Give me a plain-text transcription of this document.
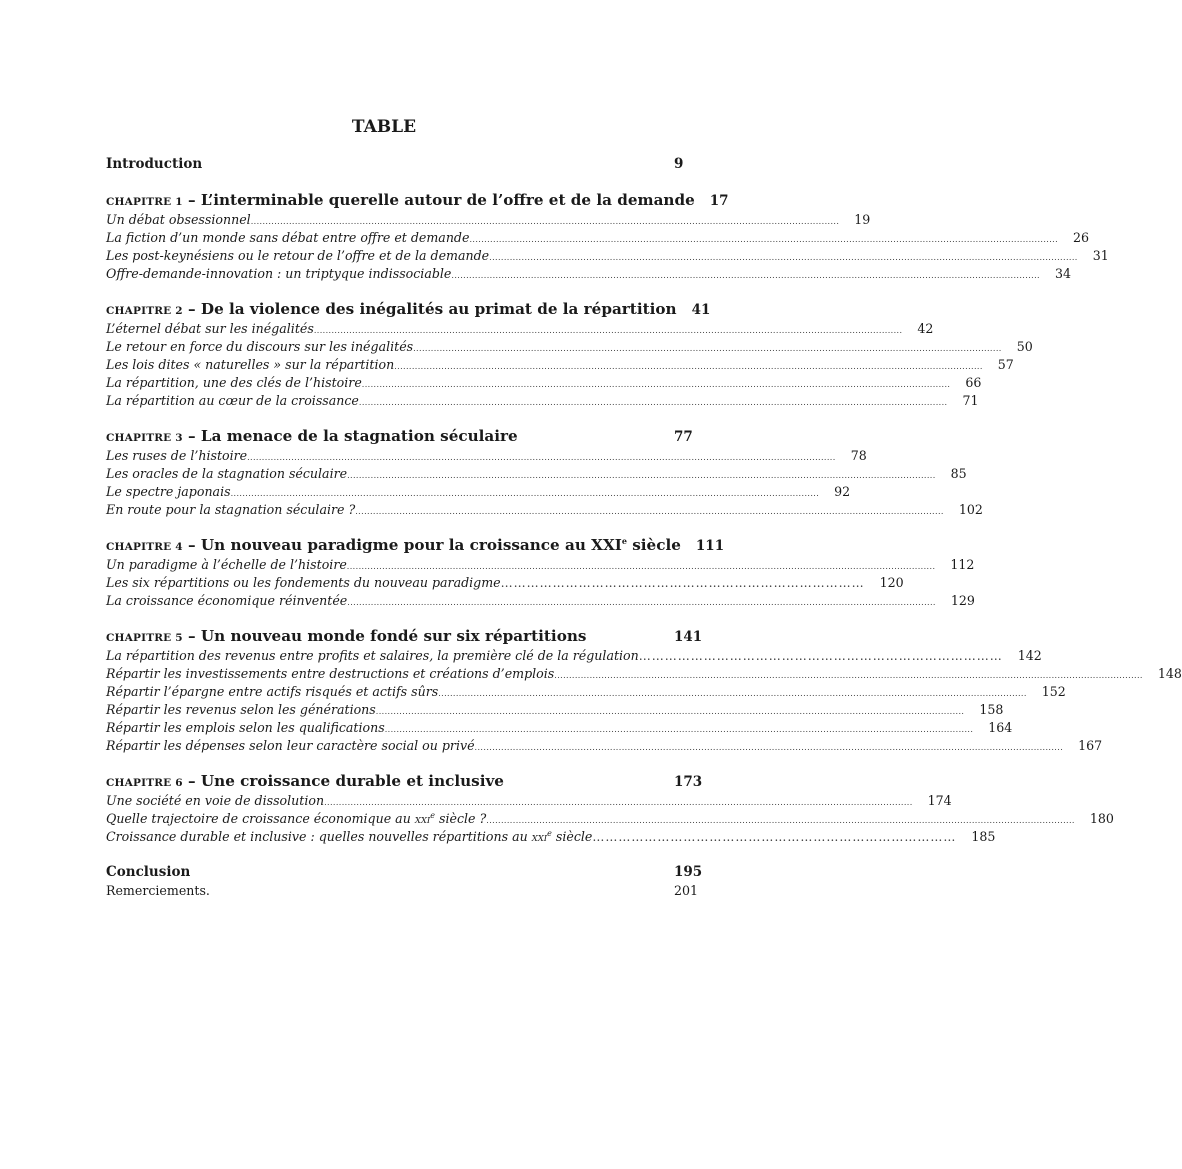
TABLE
Introduction	9
CHAPITRE 1 – L’interminable querelle autour de l’offre et de la demande 17
Un débat obsessionnel ........................................................................................................................................................................................................ 19
La fiction d’un monde sans débat entre offre et demande ........................................................................................................................................................................................................ 26
Les post-keynésiens ou le retour de l’offre et de la demande ........................................................................................................................................................................................................ 31
Offre-demande-innovation : un triptyque indissociable ........................................................................................................................................................................................................ 34
CHAPITRE 2 – De la violence des inégalités au primat de la répartition 41
L’éternel débat sur les inégalités ........................................................................................................................................................................................................ 42
Le retour en force du discours sur les inégalités ........................................................................................................................................................................................................ 50
Les lois dites « naturelles » sur la répartition ........................................................................................................................................................................................................ 57
La répartition, une des clés de l’histoire ........................................................................................................................................................................................................ 66
La répartition au cœur de la croissance ........................................................................................................................................................................................................ 71
CHAPITRE 3 – La menace de la stagnation séculaire	77
Les ruses de l’histoire ........................................................................................................................................................................................................ 78
Les oracles de la stagnation séculaire ........................................................................................................................................................................................................ 85
Le spectre japonais ........................................................................................................................................................................................................ 92
En route pour la stagnation séculaire ? ........................................................................................................................................................................................................ 102
CHAPITRE 4 – Un nouveau paradigme pour la croissance au XXIe siècle 111
Un paradigme à l’échelle de l’histoire ........................................................................................................................................................................................................ 112
Les six répartitions ou les fondements du nouveau paradigme ………………………………………………………………………… 120
La croissance économique réinventée ........................................................................................................................................................................................................ 129
CHAPITRE 5 – Un nouveau monde fondé sur six répartitions	141
La répartition des revenus entre profits et salaires, la première clé de la régulation ………………………………………………………………………… 142
Répartir les investissements entre destructions et créations d’emplois ........................................................................................................................................................................................................ 148
Répartir l’épargne entre actifs risqués et actifs sûrs ........................................................................................................................................................................................................ 152
Répartir les revenus selon les générations ........................................................................................................................................................................................................ 158
Répartir les emplois selon les qualifications ........................................................................................................................................................................................................ 164
Répartir les dépenses selon leur caractère social ou privé ........................................................................................................................................................................................................ 167
CHAPITRE 6 – Une croissance durable et inclusive	173
Une société en voie de dissolution ........................................................................................................................................................................................................ 174
Quelle trajectoire de croissance économique au XXIe siècle ? ........................................................................................................................................................................................................ 180
Croissance durable et inclusive : quelles nouvelles répartitions au XXIe siècle ………………………………………………………………………… 185
Conclusion	195
Remerciements.	201
